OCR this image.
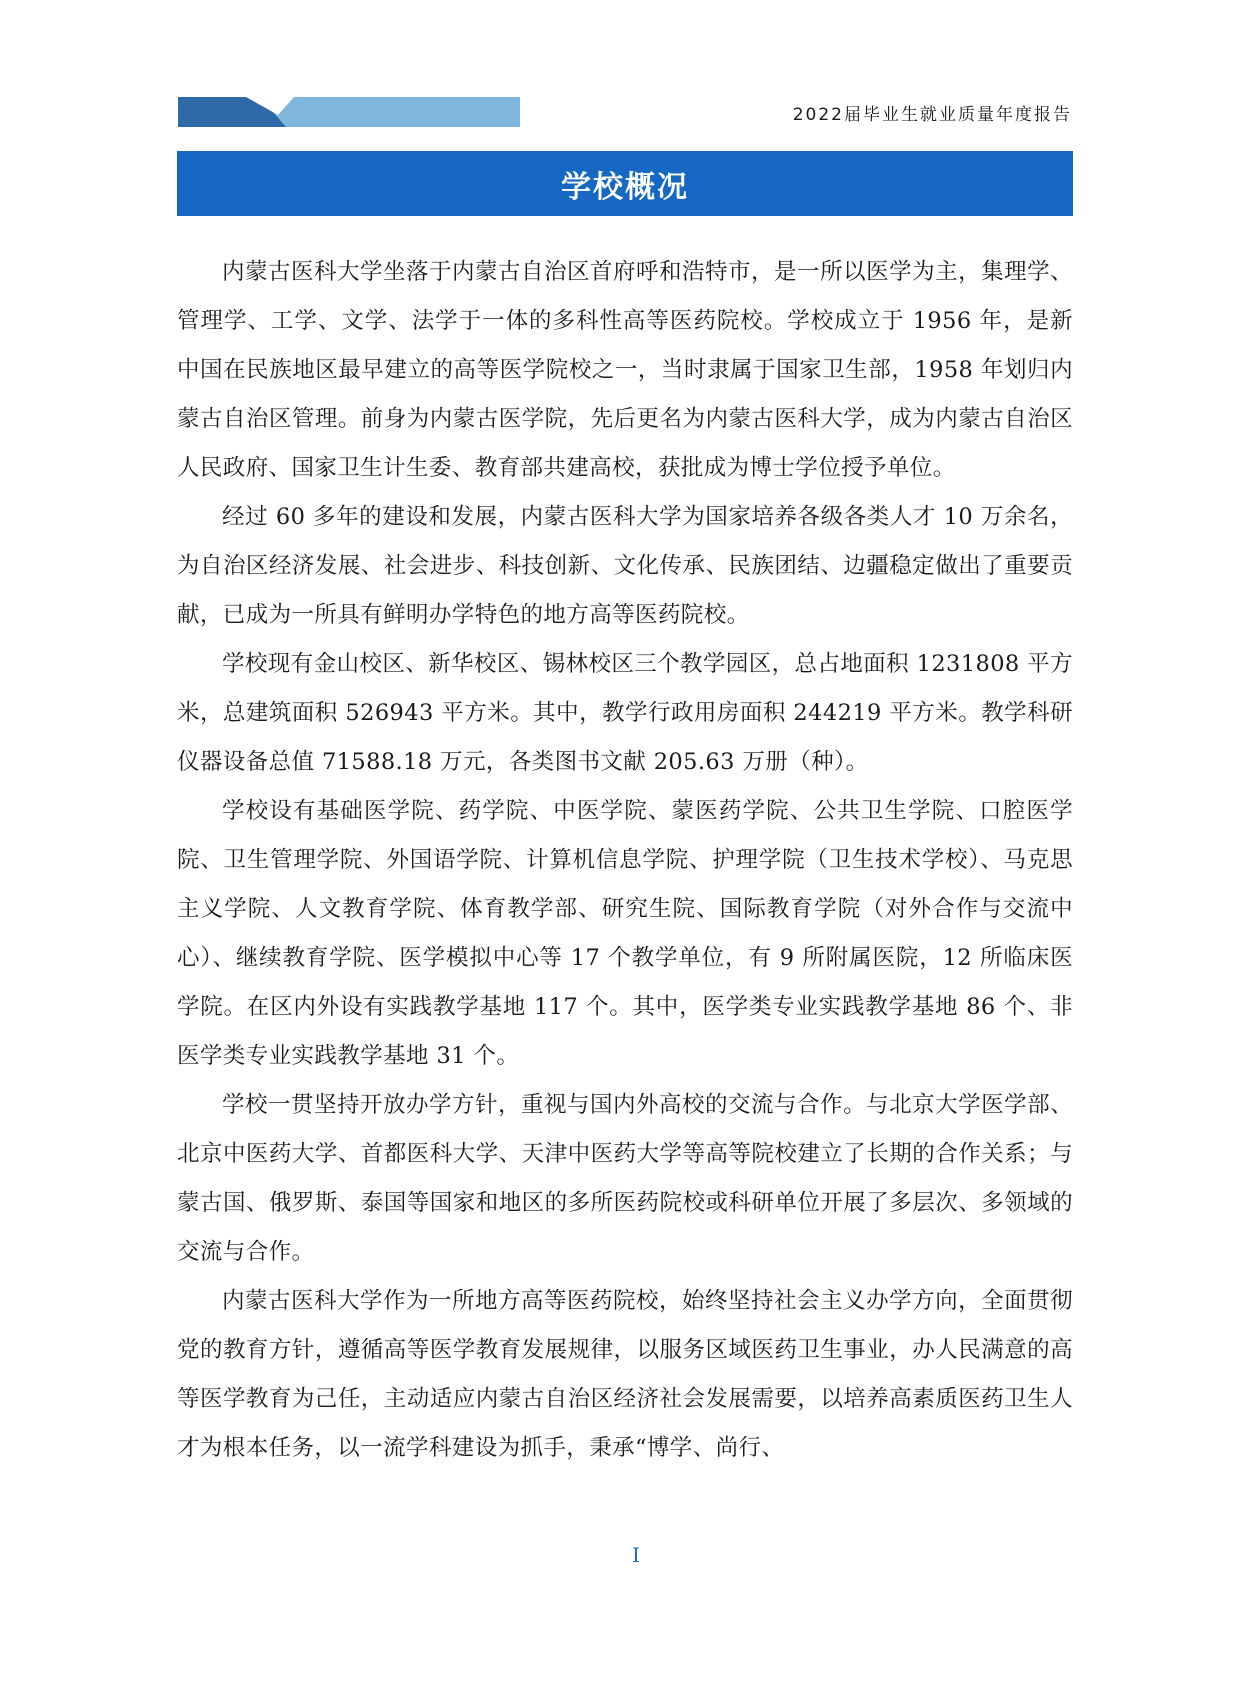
2022届毕业生就业质量年度报告
学校概况

内蒙古医科大学坐落于内蒙古自治区首府呼和浩特市，是一所以医学为主，集理学、管理学、工学、文学、法学于一体的多科性高等医药院校。学校成立于 1956 年，是新中国在民族地区最早建立的高等医学院校之一，当时隶属于国家卫生部，1958 年划归内蒙古自治区管理。前身为内蒙古医学院，先后更名为内蒙古医科大学，成为内蒙古自治区人民政府、国家卫生计生委、教育部共建高校，获批成为博士学位授予单位。

经过 60 多年的建设和发展，内蒙古医科大学为国家培养各级各类人才 10 万余名，为自治区经济发展、社会进步、科技创新、文化传承、民族团结、边疆稳定做出了重要贡献，已成为一所具有鲜明办学特色的地方高等医药院校。

学校现有金山校区、新华校区、锡林校区三个教学园区，总占地面积 1231808 平方米，总建筑面积 526943 平方米。其中，教学行政用房面积 244219 平方米。教学科研仪器设备总值 71588.18 万元，各类图书文献 205.63 万册（种）。

学校设有基础医学院、药学院、中医学院、蒙医药学院、公共卫生学院、口腔医学院、卫生管理学院、外国语学院、计算机信息学院、护理学院（卫生技术学校）、马克思主义学院、人文教育学院、体育教学部、研究生院、国际教育学院（对外合作与交流中心）、继续教育学院、医学模拟中心等 17 个教学单位，有 9 所附属医院，12 所临床医学院。在区内外设有实践教学基地 117 个。其中，医学类专业实践教学基地 86 个、非医学类专业实践教学基地 31 个。

学校一贯坚持开放办学方针，重视与国内外高校的交流与合作。与北京大学医学部、北京中医药大学、首都医科大学、天津中医药大学等高等院校建立了长期的合作关系；与蒙古国、俄罗斯、泰国等国家和地区的多所医药院校或科研单位开展了多层次、多领域的交流与合作。

内蒙古医科大学作为一所地方高等医药院校，始终坚持社会主义办学方向，全面贯彻党的教育方针，遵循高等医学教育发展规律，以服务区域医药卫生事业，办人民满意的高等医学教育为己任，主动适应内蒙古自治区经济社会发展需要，以培养高素质医药卫生人才为根本任务，以一流学科建设为抓手，秉承“博学、尚行、

I
